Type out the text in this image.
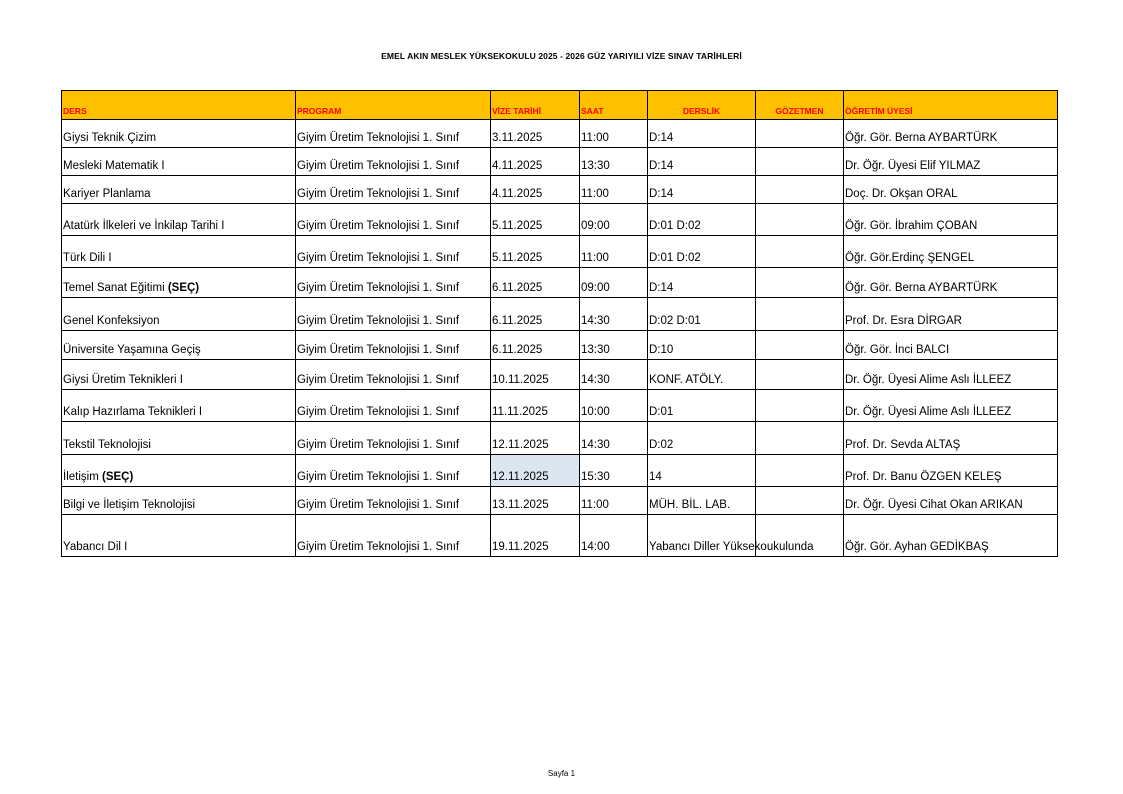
EMEL AKIN MESLEK YÜKSEKOKULU 2025 - 2026 GÜZ YARIYILI VİZE SINAV TARİHLERİ
DERS	PROGRAM	VİZE TARİHİ	SAAT	DERSLİK	GÖZETMEN	ÖĞRETİM ÜYESİ
Giysi Teknik Çizim	Giyim Üretim Teknolojisi 1. Sınıf	3.11.2025	11:00	D:14		Öğr. Gör. Berna AYBARTÜRK
Mesleki Matematik I	Giyim Üretim Teknolojisi 1. Sınıf	4.11.2025	13:30	D:14		Dr. Öğr. Üyesi Elif YILMAZ
Kariyer Planlama	Giyim Üretim Teknolojisi 1. Sınıf	4.11.2025	11:00	D:14		Doç. Dr. Okşan ORAL
Atatürk İlkeleri ve İnkilap Tarihi I	Giyim Üretim Teknolojisi 1. Sınıf	5.11.2025	09:00	D:01 D:02		Öğr. Gör. İbrahim ÇOBAN
Türk Dili I	Giyim Üretim Teknolojisi 1. Sınıf	5.11.2025	11:00	D:01 D:02		Öğr. Gör.Erdinç ŞENGEL
Temel Sanat Eğitimi (SEÇ)	Giyim Üretim Teknolojisi 1. Sınıf	6.11.2025	09:00	D:14		Öğr. Gör. Berna AYBARTÜRK
Genel Konfeksiyon	Giyim Üretim Teknolojisi 1. Sınıf	6.11.2025	14:30	D:02 D:01		Prof. Dr. Esra DİRGAR
Üniversite Yaşamına Geçiş	Giyim Üretim Teknolojisi 1. Sınıf	6.11.2025	13:30	D:10		Öğr. Gör. İnci BALCI
Giysi Üretim Teknikleri I	Giyim Üretim Teknolojisi 1. Sınıf	10.11.2025	14:30	KONF. ATÖLY.		Dr. Öğr. Üyesi Alime Aslı İLLEEZ
Kalıp Hazırlama Teknikleri I	Giyim Üretim Teknolojisi 1. Sınıf	11.11.2025	10:00	D:01		Dr. Öğr. Üyesi Alime Aslı İLLEEZ
Tekstil Teknolojisi	Giyim Üretim Teknolojisi 1. Sınıf	12.11.2025	14:30	D:02		Prof. Dr. Sevda ALTAŞ
İletişim (SEÇ)	Giyim Üretim Teknolojisi 1. Sınıf	12.11.2025	15:30	14		Prof. Dr. Banu ÖZGEN KELEŞ
Bilgi ve İletişim Teknolojisi	Giyim Üretim Teknolojisi 1. Sınıf	13.11.2025	11:00	MÜH. BİL. LAB.		Dr. Öğr. Üyesi Cihat Okan ARIKAN
Yabancı Dil I	Giyim Üretim Teknolojisi 1. Sınıf	19.11.2025	14:00	Yabancı Diller Yüksekoukulunda		Öğr. Gör. Ayhan GEDİKBAŞ
Sayfa 1
